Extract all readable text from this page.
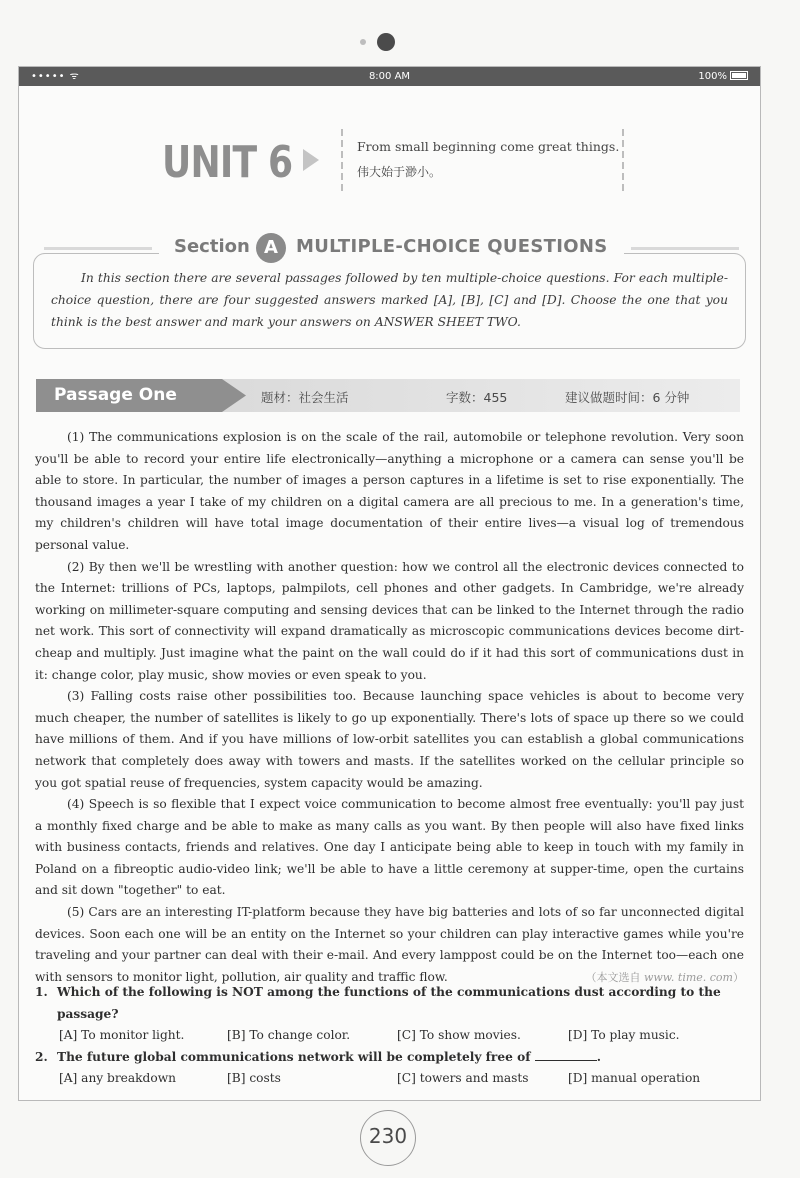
••••• ᯤ	8:00 AM	100%
UNIT 6	From small beginning come great things.
伟大始于渺小。
Section A	MULTIPLE-CHOICE QUESTIONS
In this section there are several passages followed by ten multiple-choice questions. For each multiple-choice question, there are four suggested answers marked [A], [B], [C] and [D]. Choose the one that you think is the best answer and mark your answers on ANSWER SHEET TWO.
Passage One	题材：社会生活	字数：455	建议做题时间：6 分钟

(1) The communications explosion is on the scale of the rail, automobile or telephone revolution. Very soon you'll be able to record your entire life electronically—anything a microphone or a camera can sense you'll be able to store. In particular, the number of images a person captures in a lifetime is set to rise exponentially. The thousand images a year I take of my children on a digital camera are all precious to me. In a generation's time, my children's children will have total image documentation of their entire lives—a visual log of tremendous personal value.

(2) By then we'll be wrestling with another question: how we control all the electronic devices connected to the Internet: trillions of PCs, laptops, palmpilots, cell phones and other gadgets. In Cambridge, we're already working on millimeter-square computing and sensing devices that can be linked to the Internet through the radio net work. This sort of connectivity will expand dramatically as microscopic communications devices become dirt-cheap and multiply. Just imagine what the paint on the wall could do if it had this sort of communications dust in it: change color, play music, show movies or even speak to you.

(3) Falling costs raise other possibilities too. Because launching space vehicles is about to become very much cheaper, the number of satellites is likely to go up exponentially. There's lots of space up there so we could have millions of them. And if you have millions of low-orbit satellites you can establish a global communications network that completely does away with towers and masts. If the satellites worked on the cellular principle so you got spatial reuse of frequencies, system capacity would be amazing.

(4) Speech is so flexible that I expect voice communication to become almost free eventually: you'll pay just a monthly fixed charge and be able to make as many calls as you want. By then people will also have fixed links with business contacts, friends and relatives. One day I anticipate being able to keep in touch with my family in Poland on a fibreoptic audio-video link; we'll be able to have a little ceremony at supper-time, open the curtains and sit down "together" to eat.

(5) Cars are an interesting IT-platform because they have big batteries and lots of so far unconnected digital devices. Soon each one will be an entity on the Internet so your children can play interactive games while you're traveling and your partner can deal with their e-mail. And every lamppost could be on the Internet too—each one with sensors to monitor light, pollution, air quality and traffic flow.	（本文选自 www. time. com）

1. Which of the following is NOT among the functions of the communications dust according to the passage?
[A] To monitor light.	[B] To change color.	[C] To show movies.	[D] To play music.
2. The future global communications network will be completely free of	.
[A] any breakdown	[B] costs	[C] towers and masts	[D] manual operation
230
